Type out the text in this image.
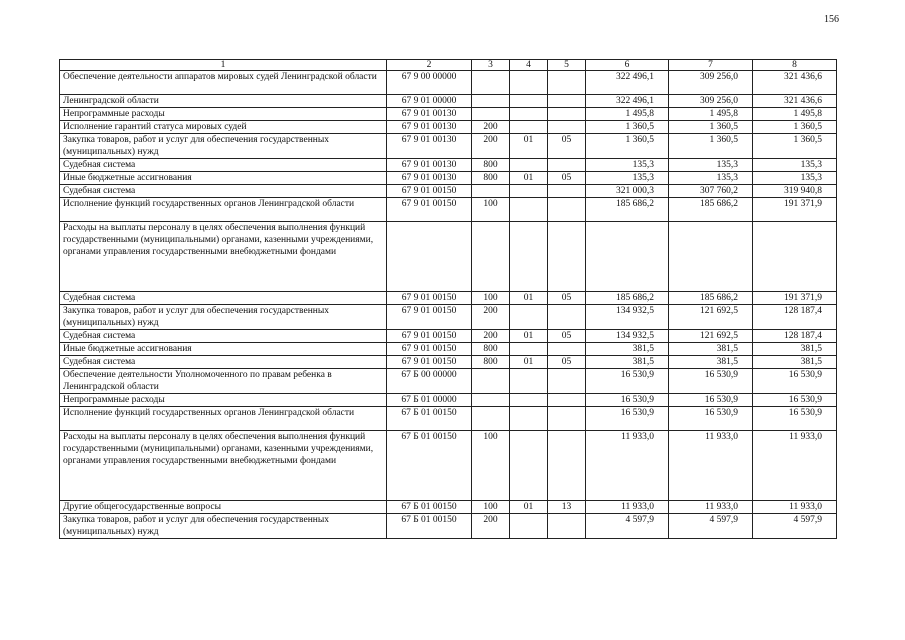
156
1	2	3	4	5	6	7	8
Обеспечение деятельности аппаратов мировых судей Ленинградской области	67 9 00 00000				322 496,1	309 256,0	321 436,6
Ленинградской области	67 9 01 00000				322 496,1	309 256,0	321 436,6
Непрограммные расходы	67 9 01 00130				1 495,8	1 495,8	1 495,8
Исполнение гарантий статуса мировых судей	67 9 01 00130	200			1 360,5	1 360,5	1 360,5
Закупка товаров, работ и услуг для обеспечения государственных (муниципальных) нужд	67 9 01 00130	200	01	05	1 360,5	1 360,5	1 360,5
Судебная система	67 9 01 00130	800			135,3	135,3	135,3
Иные бюджетные ассигнования	67 9 01 00130	800	01	05	135,3	135,3	135,3
Судебная система	67 9 01 00150				321 000,3	307 760,2	319 940,8
Исполнение функций государственных органов Ленинградской области	67 9 01 00150	100			185 686,2	185 686,2	191 371,9
Расходы на выплаты персоналу в целях обеспечения выполнения функций государственными (муниципальными) органами, казенными учреждениями, органами управления государственными внебюджетными фондами							
Судебная система	67 9 01 00150	100	01	05	185 686,2	185 686,2	191 371,9
Закупка товаров, работ и услуг для обеспечения государственных (муниципальных) нужд	67 9 01 00150	200			134 932,5	121 692,5	128 187,4
Судебная система	67 9 01 00150	200	01	05	134 932,5	121 692,5	128 187,4
Иные бюджетные ассигнования	67 9 01 00150	800			381,5	381,5	381,5
Судебная система	67 9 01 00150	800	01	05	381,5	381,5	381,5
Обеспечение деятельности Уполномоченного по правам ребенка в Ленинградской области	67 Б 00 00000				16 530,9	16 530,9	16 530,9
Непрограммные расходы	67 Б 01 00000				16 530,9	16 530,9	16 530,9
Исполнение функций государственных органов Ленинградской области	67 Б 01 00150				16 530,9	16 530,9	16 530,9
Расходы на выплаты персоналу в целях обеспечения выполнения функций государственными (муниципальными) органами, казенными учреждениями, органами управления государственными внебюджетными фондами	67 Б 01 00150	100			11 933,0	11 933,0	11 933,0
Другие общегосударственные вопросы	67 Б 01 00150	100	01	13	11 933,0	11 933,0	11 933,0
Закупка товаров, работ и услуг для обеспечения государственных (муниципальных) нужд	67 Б 01 00150	200			4 597,9	4 597,9	4 597,9
